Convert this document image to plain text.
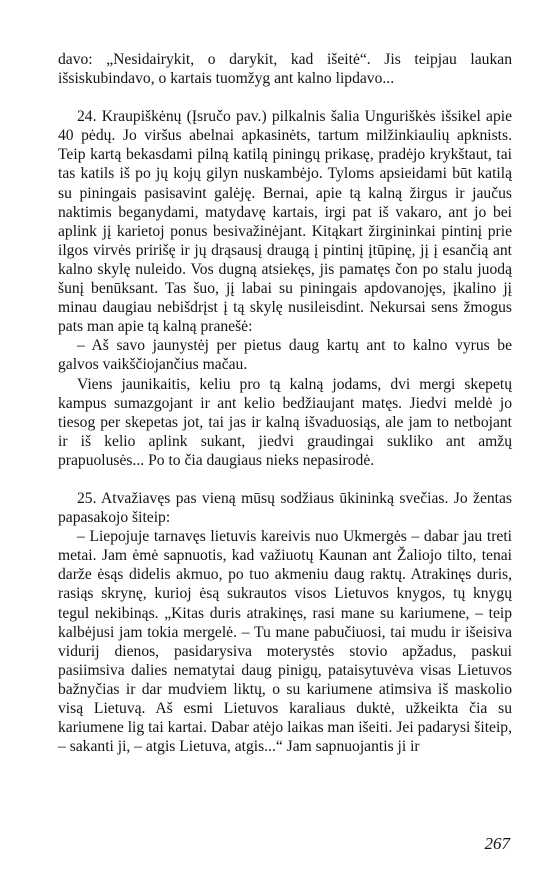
davo: „Nesidairykit, o darykit, kad išeitė“. Jis teipjau laukan išsiskubindavo, o kartais tuomžyg ant kalno lipdavo...

24. Kraupiškėnų (Įsručo pav.) pilkalnis šalia Unguriškės išsikel apie 40 pėdų. Jo viršus abelnai apkasinėts, tartum milžinkiaulių apknists. Teip kartą bekasdami pilną katilą piningų prikasę, pradėjo krykštaut, tai tas katils iš po jų kojų gilyn nuskambėjo. Tyloms apsieidami būt katilą su piningais pasisavint galėję. Bernai, apie tą kalną žirgus ir jaučus naktimis beganydami, matydavę kartais, irgi pat iš vakaro, ant jo bei aplink jį karietoj ponus besivažinėjant. Kitąkart žirgininkai pintinį prie ilgos virvės pririšę ir jų drąsausį draugą į pintinį įtūpinę, jį į esančią ant kalno skylę nuleido. Vos dugną atsiekęs, jis pamatęs čon po stalu juodą šunį benūksant. Tas šuo, jį labai su piningais apdovanojęs, įkalino jį minau daugiau nebišdrįst į tą skylę nusileisdint. Nekursai sens žmogus pats man apie tą kalną pranešė:

– Aš savo jaunystėj per pietus daug kartų ant to kalno vyrus be galvos vaikščiojančius mačau.

Viens jaunikaitis, keliu pro tą kalną jodams, dvi mergi skepetų kampus sumazgojant ir ant kelio bedžiaujant matęs. Jiedvi meldė jo tiesog per skepetas jot, tai jas ir kalną išvaduosiąs, ale jam to netbojant ir iš kelio aplink sukant, jiedvi graudingai sukliko ant amžų prapuolusės... Po to čia daugiaus nieks nepasirodė.

25. Atvažiavęs pas vieną mūsų sodžiaus ūkininką svečias. Jo žentas papasakojo šiteip:

– Liepojuje tarnavęs lietuvis kareivis nuo Ukmergės – dabar jau treti metai. Jam ėmė sapnuotis, kad važiuotų Kaunan ant Žaliojo tilto, tenai darže ėsąs didelis akmuo, po tuo akmeniu daug raktų. Atrakinęs duris, rasiąs skrynę, kurioj ėsą sukrautos visos Lietuvos knygos, tų knygų tegul nekibinąs. „Kitas duris atrakinęs, rasi mane su kariumene, – teip kalbėjusi jam tokia mergelė. – Tu mane pabučiuosi, tai mudu ir išeisiva vidurij dienos, pasidarysiva moterystės stovio apžadus, paskui pasiimsiva dalies nematytai daug pinigų, pataisytuvėva visas Lietuvos bažnyčias ir dar mudviem liktų, o su kariumene atimsiva iš maskolio visą Lietuvą. Aš esmi Lietuvos karaliaus duktė, užkeikta čia su kariumene lig tai kartai. Dabar atėjo laikas man išeiti. Jei padarysi šiteip, – sakanti ji, – atgis Lietuva, atgis...“ Jam sapnuojantis ji ir

267
